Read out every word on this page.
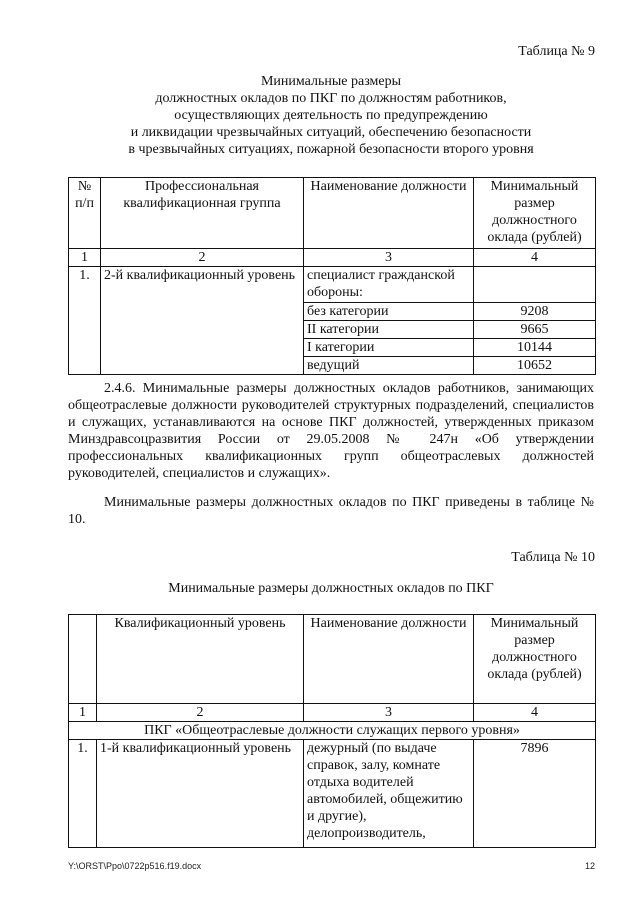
Таблица № 9
Минимальные размеры
должностных окладов по ПКГ по должностям работников,
осуществляющих деятельность по предупреждению
и ликвидации чрезвычайных ситуаций, обеспечению безопасности
в чрезвычайных ситуациях, пожарной безопасности второго уровня
№ п/п	Профессиональная квалификационная группа	Наименование должности	Минимальный размер должностного оклада (рублей)
1	2	3	4
1.	2-й квалификационный уровень	специалист гражданской обороны:	
		без категории	9208
		II категории	9665
		I категории	10144
		ведущий	10652
2.4.6. Минимальные размеры должностных окладов работников, занимающих общеотраслевые должности руководителей структурных подразделений, специалистов и служащих, устанавливаются на основе ПКГ должностей, утвержденных приказом Минздравсоцразвития России от 29.05.2008 № 247н «Об утверждении профессиональных квалификационных групп общеотраслевых должностей руководителей, специалистов и служащих».
Минимальные размеры должностных окладов по ПКГ приведены в таблице № 10.
Таблица № 10
Минимальные размеры должностных окладов по ПКГ
	Квалификационный уровень	Наименование должности	Минимальный размер должностного оклада (рублей)
1	2	3	4
ПКГ «Общеотраслевые должности служащих первого уровня»			
1.	1-й квалификационный уровень	дежурный (по выдаче справок, залу, комнате отдыха водителей автомобилей, общежитию и другие), делопроизводитель,	7896
Y:\ORST\Ppo\0722p516.f19.docx	12
